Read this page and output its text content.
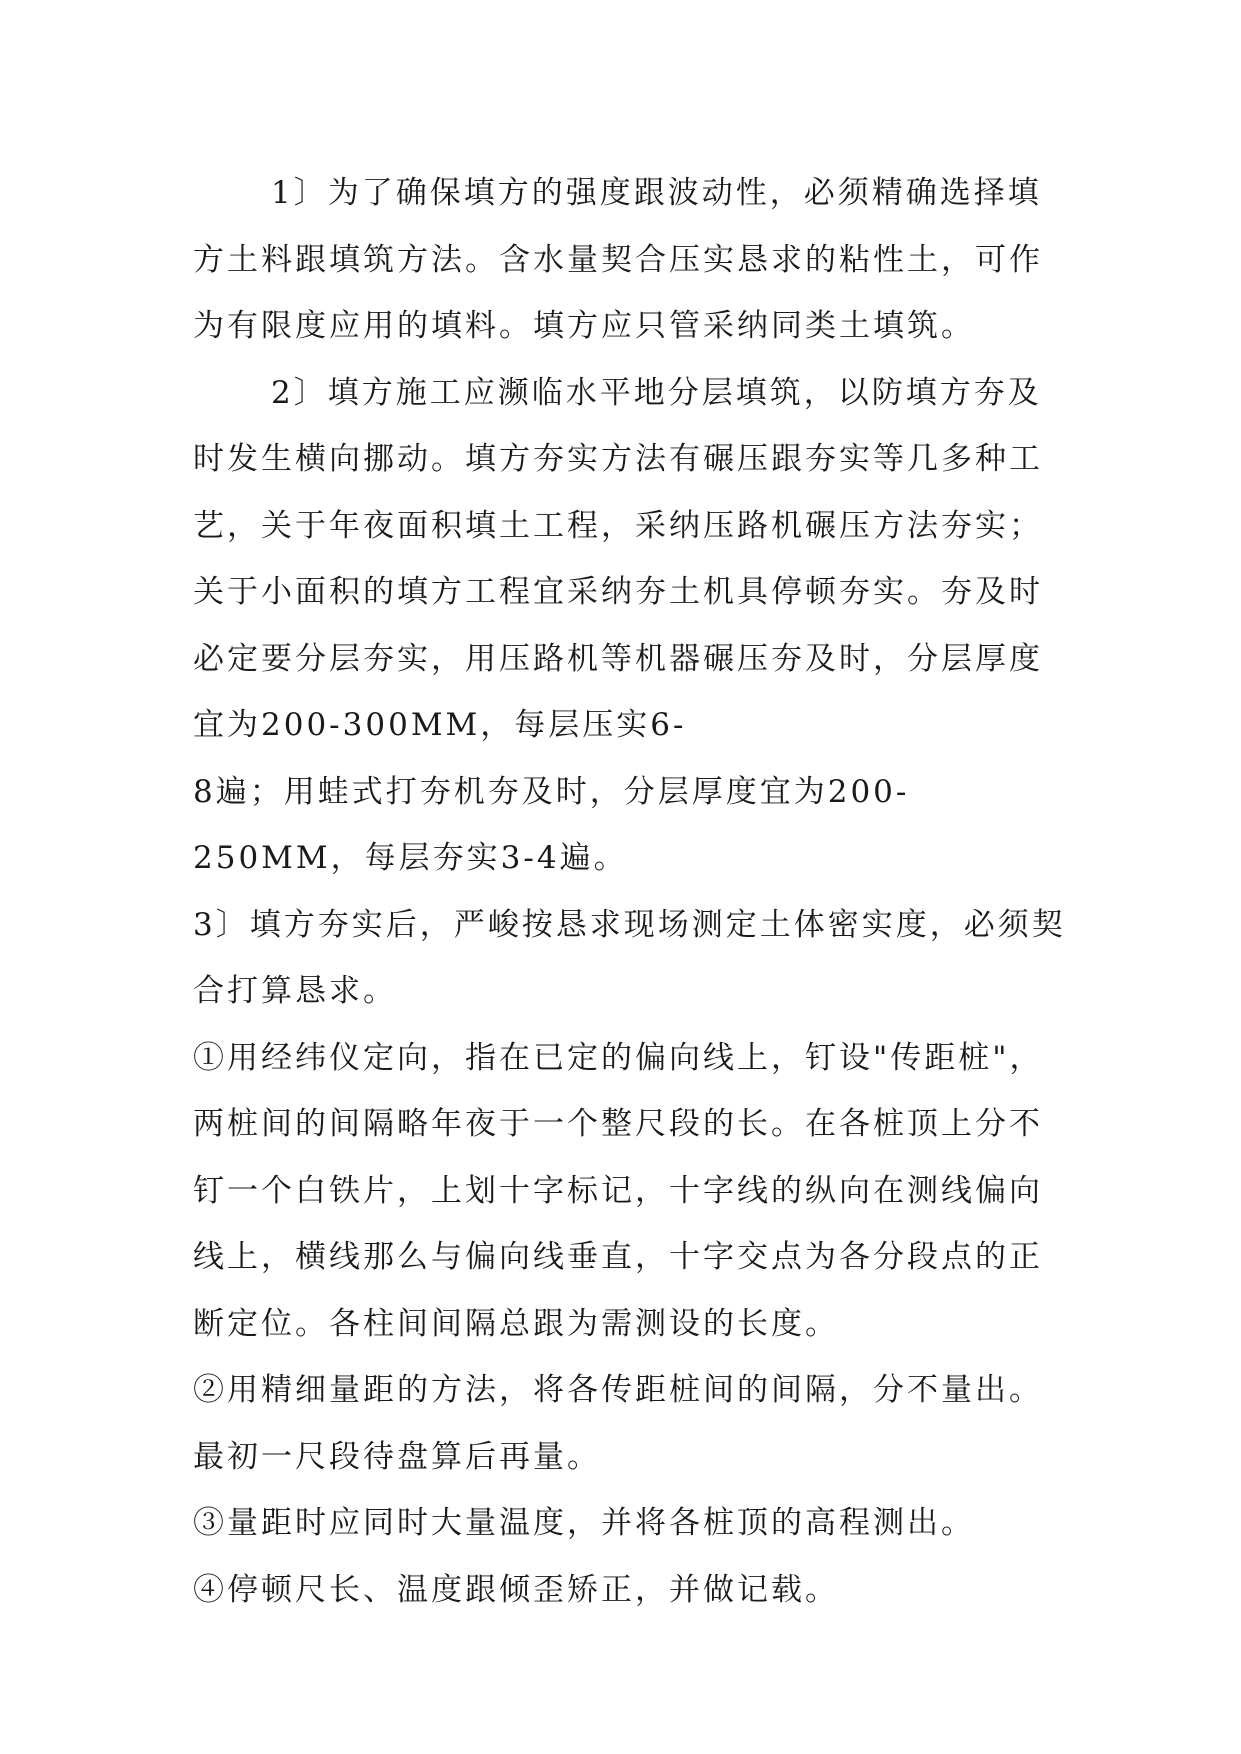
1〕为了确保填方的强度跟波动性，必须精确选择填
方土料跟填筑方法。含水量契合压实恳求的粘性土，可作
为有限度应用的填料。填方应只管采纳同类土填筑。
2〕填方施工应濒临水平地分层填筑，以防填方夯及
时发生横向挪动。填方夯实方法有碾压跟夯实等几多种工
艺，关于年夜面积填土工程，采纳压路机碾压方法夯实；
关于小面积的填方工程宜采纳夯土机具停顿夯实。夯及时
必定要分层夯实，用压路机等机器碾压夯及时，分层厚度
宜为200-300MM，每层压实6-
8遍；用蛙式打夯机夯及时，分层厚度宜为200-
250MM，每层夯实3-4遍。
3〕填方夯实后，严峻按恳求现场测定土体密实度，必须契
合打算恳求。
①用经纬仪定向，指在已定的偏向线上，钉设"传距桩"，
两桩间的间隔略年夜于一个整尺段的长。在各桩顶上分不
钉一个白铁片，上划十字标记，十字线的纵向在测线偏向
线上，横线那么与偏向线垂直，十字交点为各分段点的正
断定位。各柱间间隔总跟为需测设的长度。
②用精细量距的方法，将各传距桩间的间隔，分不量出。
最初一尺段待盘算后再量。
③量距时应同时大量温度，并将各桩顶的高程测出。
④停顿尺长、温度跟倾歪矫正，并做记载。
